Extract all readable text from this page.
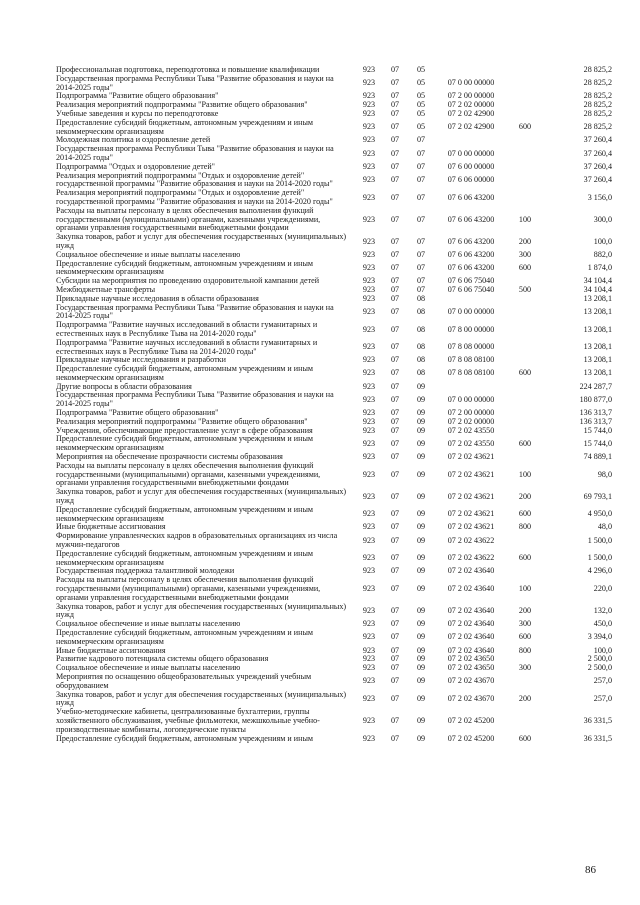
Профессиональная подготовка, переподготовка и повышение квалификации	923	07	05			28 825,2
Государственная программа Республики Тыва "Развитие образования и науки на 2014-2025 годы"	923	07	05	07 0 00 00000		28 825,2
Подпрограмма "Развитие общего образования"	923	07	05	07 2 00 00000		28 825,2
Реализация мероприятий подпрограммы "Развитие общего образования"	923	07	05	07 2 02 00000		28 825,2
Учебные заведения и курсы по переподготовке	923	07	05	07 2 02 42900		28 825,2
Предоставление субсидий бюджетным, автономным учреждениям и иным некоммерческим организациям	923	07	05	07 2 02 42900	600	28 825,2
Молодежная политика и оздоровление детей	923	07	07			37 260,4
Государственная программа Республики Тыва "Развитие образования и науки на 2014-2025 годы"	923	07	07	07 0 00 00000		37 260,4
Подпрограмма "Отдых и оздоровление детей"	923	07	07	07 6 00 00000		37 260,4
Реализация мероприятий подпрограммы "Отдых и оздоровление детей" государственной программы "Развитие образования и науки на 2014-2020 годы"	923	07	07	07 6 06 00000		37 260,4
Реализация мероприятий подпрограммы "Отдых и оздоровление детей" государственной программы "Развитие образования и науки на 2014-2020 годы"	923	07	07	07 6 06 43200		3 156,0
Расходы на выплаты персоналу в целях обеспечения выполнения функций государственными (муниципальными) органами, казенными учреждениями, органами управления государственными внебюджетными фондами	923	07	07	07 6 06 43200	100	300,0
Закупка товаров, работ и услуг для обеспечения государственных (муниципальных) нужд	923	07	07	07 6 06 43200	200	100,0
Социальное обеспечение и иные выплаты населению	923	07	07	07 6 06 43200	300	882,0
Предоставление субсидий бюджетным, автономным учреждениям и иным некоммерческим организациям	923	07	07	07 6 06 43200	600	1 874,0
Субсидии на мероприятия по проведению оздоровительной кампании детей	923	07	07	07 6 06 75040		34 104,4
Межбюджетные трансферты	923	07	07	07 6 06 75040	500	34 104,4
Прикладные научные исследования в области образования	923	07	08			13 208,1
Государственная программа Республики Тыва "Развитие образования и науки на 2014-2025 годы"	923	07	08	07 0 00 00000		13 208,1
Подпрограмма "Развитие научных исследований в области гуманитарных и естественных наук в Республике Тыва на 2014-2020 годы"	923	07	08	07 8 00 00000		13 208,1
Подпрограмма "Развитие научных исследований в области гуманитарных и естественных наук в Республике Тыва на 2014-2020 годы"	923	07	08	07 8 08 00000		13 208,1
Прикладные научные исследования и разработки	923	07	08	07 8 08 08100		13 208,1
Предоставление субсидий бюджетным, автономным учреждениям и иным некоммерческим организациям	923	07	08	07 8 08 08100	600	13 208,1
Другие вопросы в области образования	923	07	09			224 287,7
Государственная программа Республики Тыва "Развитие образования и науки на 2014-2025 годы"	923	07	09	07 0 00 00000		180 877,0
Подпрограмма "Развитие общего образования"	923	07	09	07 2 00 00000		136 313,7
Реализация мероприятий подпрограммы "Развитие общего образования"	923	07	09	07 2 02 00000		136 313,7
Учреждения, обеспечивающие предоставление услуг в сфере образования	923	07	09	07 2 02 43550		15 744,0
Предоставление субсидий бюджетным, автономным учреждениям и иным некоммерческим организациям	923	07	09	07 2 02 43550	600	15 744,0
Мероприятия на обеспечение прозрачности системы образования	923	07	09	07 2 02 43621		74 889,1
Расходы на выплаты персоналу в целях обеспечения выполнения функций государственными (муниципальными) органами, казенными учреждениями, органами управления государственными внебюджетными фондами	923	07	09	07 2 02 43621	100	98,0
Закупка товаров, работ и услуг для обеспечения государственных (муниципальных) нужд	923	07	09	07 2 02 43621	200	69 793,1
Предоставление субсидий бюджетным, автономным учреждениям и иным некоммерческим организациям	923	07	09	07 2 02 43621	600	4 950,0
Иные бюджетные ассигнования	923	07	09	07 2 02 43621	800	48,0
Формирование управленческих кадров в образовательных организациях из числа мужчин-педагогов	923	07	09	07 2 02 43622		1 500,0
Предоставление субсидий бюджетным, автономным учреждениям и иным некоммерческим организациям	923	07	09	07 2 02 43622	600	1 500,0
Государственная поддержка талантливой молодежи	923	07	09	07 2 02 43640		4 296,0
Расходы на выплаты персоналу в целях обеспечения выполнения функций государственными (муниципальными) органами, казенными учреждениями, органами управления государственными внебюджетными фондами	923	07	09	07 2 02 43640	100	220,0
Закупка товаров, работ и услуг для обеспечения государственных (муниципальных) нужд	923	07	09	07 2 02 43640	200	132,0
Социальное обеспечение и иные выплаты населению	923	07	09	07 2 02 43640	300	450,0
Предоставление субсидий бюджетным, автономным учреждениям и иным некоммерческим организациям	923	07	09	07 2 02 43640	600	3 394,0
Иные бюджетные ассигнования	923	07	09	07 2 02 43640	800	100,0
Развитие кадрового потенциала системы общего образования	923	07	09	07 2 02 43650		2 500,0
Социальное обеспечение и иные выплаты населению	923	07	09	07 2 02 43650	300	2 500,0
Мероприятия по оснащению общеобразовательных учреждений учебным оборудованием	923	07	09	07 2 02 43670		257,0
Закупка товаров, работ и услуг для обеспечения государственных (муниципальных) нужд	923	07	09	07 2 02 43670	200	257,0
Учебно-методические кабинеты, централизованные бухгалтерии, группы хозяйственного обслуживания, учебные фильмотеки, межшкольные учебно-производственные комбинаты, логопедические пункты	923	07	09	07 2 02 45200		36 331,5
Предоставление субсидий бюджетным, автономным учреждениям и иным	923	07	09	07 2 02 45200	600	36 331,5
86
